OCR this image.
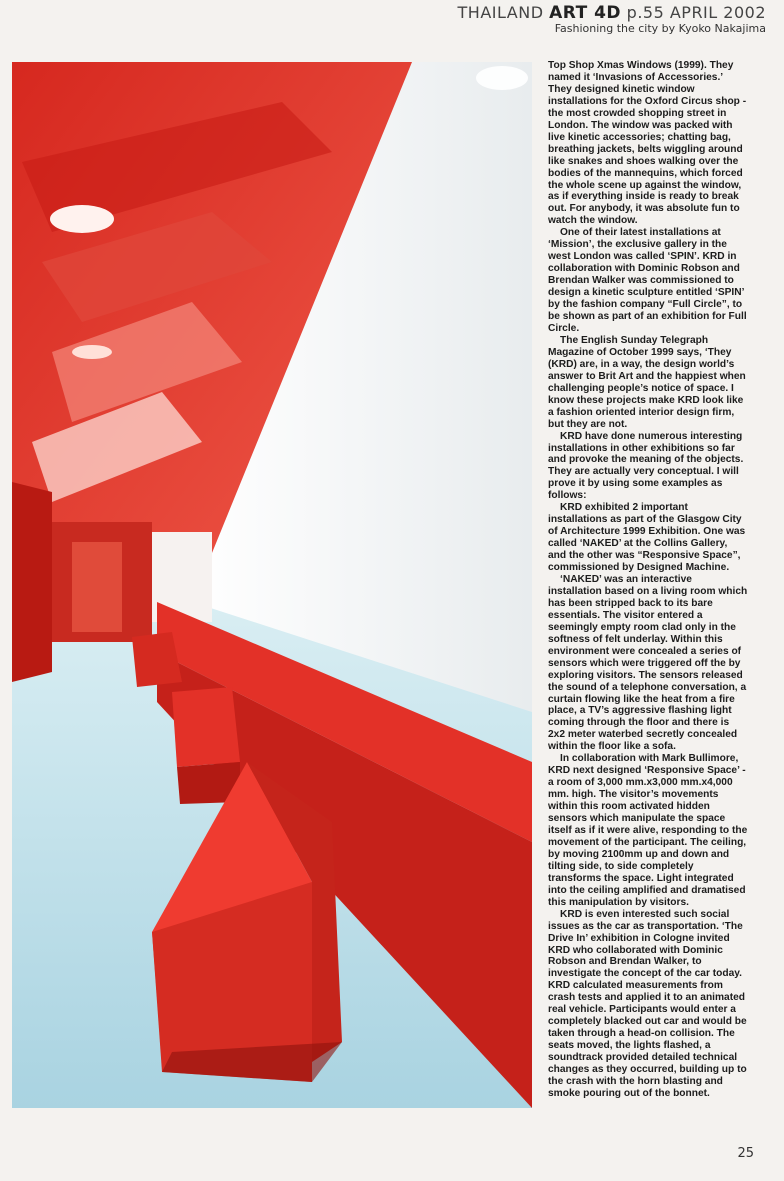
THAILAND ART 4D p.55 APRIL 2002
Fashioning the city by Kyoko Nakajima

Top Shop Xmas Windows (1999). They named it ‘Invasions of Accessories.’ They designed kinetic window installations for the Oxford Circus shop - the most crowded shopping street in London. The window was packed with live kinetic accessories; chatting bag, breathing jackets, belts wiggling around like snakes and shoes walking over the bodies of the mannequins, which forced the whole scene up against the window, as if everything inside is ready to break out. For anybody, it was absolute fun to watch the window.

One of their latest installations at ‘Mission’, the exclusive gallery in the west London was called ‘SPIN’. KRD in collaboration with Dominic Robson and Brendan Walker was commissioned to design a kinetic sculpture entitled ‘SPIN’ by the fashion company “Full Circle”, to be shown as part of an exhibition for Full Circle.

The English Sunday Telegraph Magazine of October 1999 says, ‘They (KRD) are, in a way, the design world’s answer to Brit Art and the happiest when challenging people’s notice of space. I know these projects make KRD look like a fashion oriented interior design firm, but they are not.

KRD have done numerous interesting installations in other exhibitions so far and provoke the meaning of the objects. They are actually very conceptual. I will prove it by using some examples as follows:

KRD exhibited 2 important installations as part of the Glasgow City of Architecture 1999 Exhibition. One was called ‘NAKED’ at the Collins Gallery, and the other was “Responsive Space”, commissioned by Designed Machine.

‘NAKED’ was an interactive installation based on a living room which has been stripped back to its bare essentials. The visitor entered a seemingly empty room clad only in the softness of felt underlay. Within this environment were concealed a series of sensors which were triggered off the by exploring visitors. The sensors released the sound of a telephone conversation, a curtain flowing like the heat from a fire place, a TV’s aggressive flashing light coming through the floor and there is 2x2 meter waterbed secretly concealed within the floor like a sofa.

In collaboration with Mark Bullimore, KRD next designed ‘Responsive Space’ - a room of 3,000 mm.x3,000 mm.x4,000 mm. high. The visitor’s movements within this room activated hidden sensors which manipulate the space itself as if it were alive, responding to the movement of the participant. The ceiling, by moving 2100mm up and down and tilting side, to side completely transforms the space. Light integrated into the ceiling amplified and dramatised this manipulation by visitors.

KRD is even interested such social issues as the car as transportation. ‘The Drive In’ exhibition in Cologne invited KRD who collaborated with Dominic Robson and Brendan Walker, to investigate the concept of the car today. KRD calculated measurements from crash tests and applied it to an animated real vehicle. Participants would enter a completely blacked out car and would be taken through a head-on collision. The seats moved, the lights flashed, a soundtrack provided detailed technical changes as they occurred, building up to the crash with the horn blasting and smoke pouring out of the bonnet.

25
